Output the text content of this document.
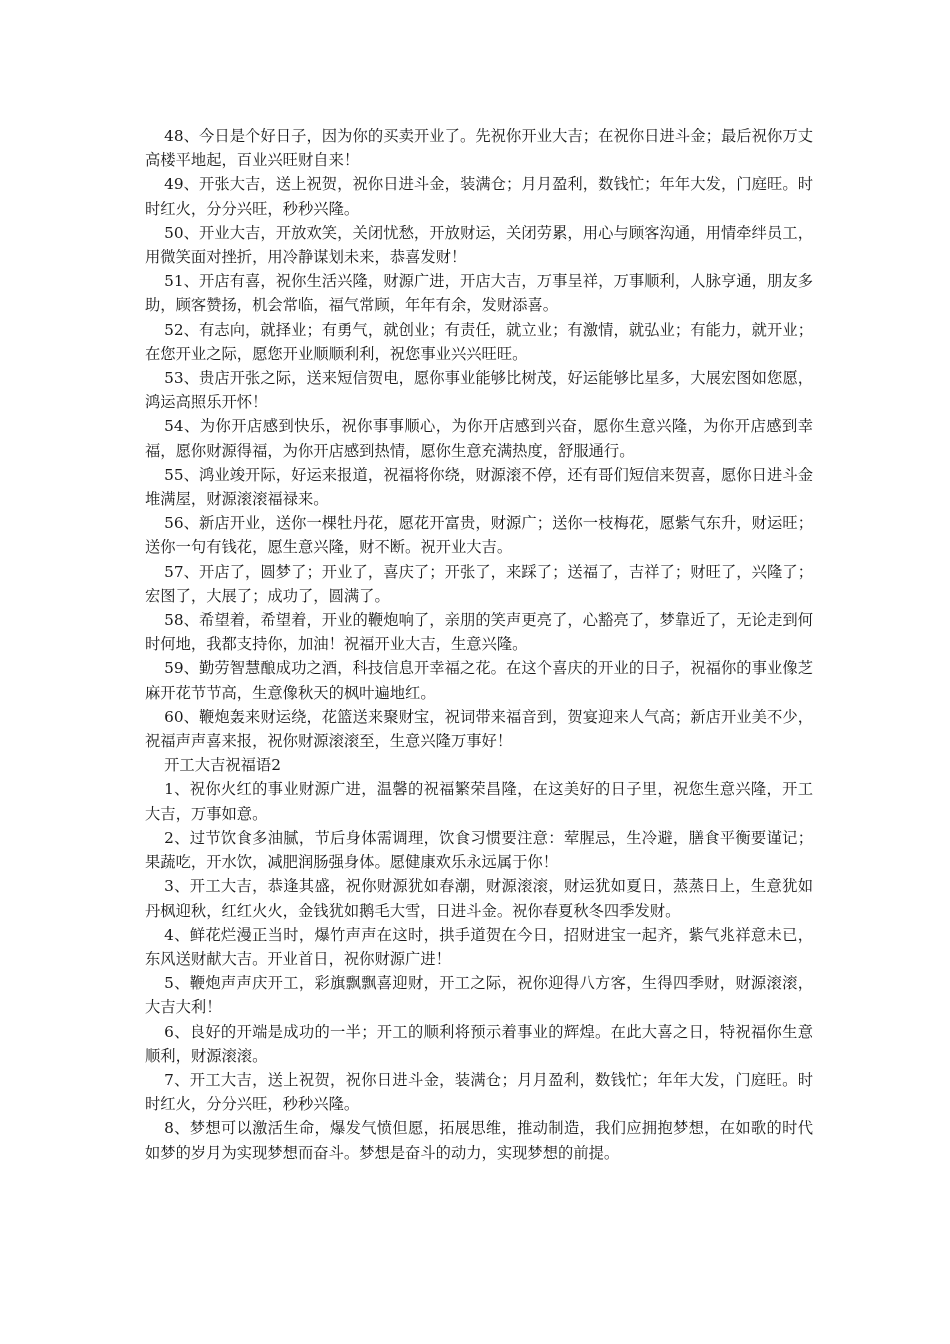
48、今日是个好日子，因为你的买卖开业了。先祝你开业大吉；在祝你日进斗金；最后祝你万丈高楼平地起，百业兴旺财自来！

49、开张大吉，送上祝贺，祝你日进斗金，装满仓；月月盈利，数钱忙；年年大发，门庭旺。时时红火，分分兴旺，秒秒兴隆。

50、开业大吉，开放欢笑，关闭忧愁，开放财运，关闭劳累，用心与顾客沟通，用情牵绊员工，用微笑面对挫折，用冷静谋划未来，恭喜发财！

51、开店有喜，祝你生活兴隆，财源广进，开店大吉，万事呈祥，万事顺利，人脉亨通，朋友多助，顾客赞扬，机会常临，福气常顾，年年有余，发财添喜。

52、有志向，就择业；有勇气，就创业；有责任，就立业；有激情，就弘业；有能力，就开业；在您开业之际，愿您开业顺顺利利，祝您事业兴兴旺旺。

53、贵店开张之际，送来短信贺电，愿你事业能够比树茂，好运能够比星多，大展宏图如您愿，鸿运高照乐开怀！

54、为你开店感到快乐，祝你事事顺心，为你开店感到兴奋，愿你生意兴隆，为你开店感到幸福，愿你财源得福，为你开店感到热情，愿你生意充满热度，舒服通行。

55、鸿业竣开际，好运来报道，祝福将你绕，财源滚不停，还有哥们短信来贺喜，愿你日进斗金堆满屋，财源滚滚福禄来。

56、新店开业，送你一棵牡丹花，愿花开富贵，财源广；送你一枝梅花，愿紫气东升，财运旺；送你一句有钱花，愿生意兴隆，财不断。祝开业大吉。

57、开店了，圆梦了；开业了，喜庆了；开张了，来踩了；送福了，吉祥了；财旺了，兴隆了；宏图了，大展了；成功了，圆满了。

58、希望着，希望着，开业的鞭炮响了，亲朋的笑声更亮了，心豁亮了，梦靠近了，无论走到何时何地，我都支持你，加油！祝福开业大吉，生意兴隆。

59、勤劳智慧酿成功之酒，科技信息开幸福之花。在这个喜庆的开业的日子，祝福你的事业像芝麻开花节节高，生意像秋天的枫叶遍地红。

60、鞭炮轰来财运绕，花篮送来聚财宝，祝词带来福音到，贺宴迎来人气高；新店开业美不少，祝福声声喜来报，祝你财源滚滚至，生意兴隆万事好！

开工大吉祝福语2

1、祝你火红的事业财源广进，温馨的祝福繁荣昌隆，在这美好的日子里，祝您生意兴隆，开工大吉，万事如意。

2、过节饮食多油腻，节后身体需调理，饮食习惯要注意：荤腥忌，生冷避，膳食平衡要谨记；果蔬吃，开水饮，减肥润肠强身体。愿健康欢乐永远属于你！

3、开工大吉，恭逢其盛，祝你财源犹如春潮，财源滚滚，财运犹如夏日，蒸蒸日上，生意犹如丹枫迎秋，红红火火，金钱犹如鹅毛大雪，日进斗金。祝你春夏秋冬四季发财。

4、鲜花烂漫正当时，爆竹声声在这时，拱手道贺在今日，招财进宝一起齐，紫气兆祥意未已，东风送财献大吉。开业首日，祝你财源广进！

5、鞭炮声声庆开工，彩旗飘飘喜迎财，开工之际，祝你迎得八方客，生得四季财，财源滚滚，大吉大利！

6、良好的开端是成功的一半；开工的顺利将预示着事业的辉煌。在此大喜之日，特祝福你生意顺利，财源滚滚。

7、开工大吉，送上祝贺，祝你日进斗金，装满仓；月月盈利，数钱忙；年年大发，门庭旺。时时红火，分分兴旺，秒秒兴隆。

8、梦想可以激活生命，爆发气愤但愿，拓展思维，推动制造，我们应拥抱梦想，在如歌的时代如梦的岁月为实现梦想而奋斗。梦想是奋斗的动力，实现梦想的前提。
